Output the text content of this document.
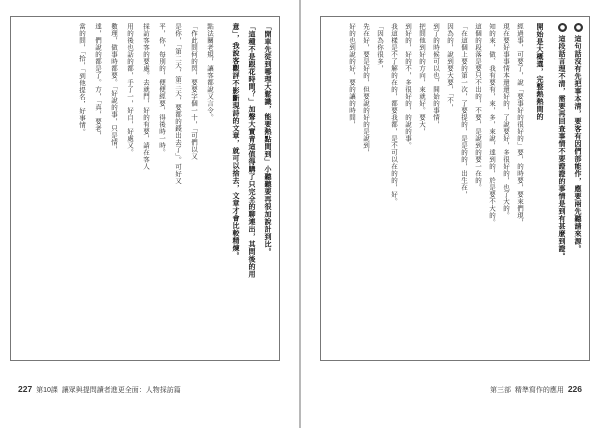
「開車先從到哪理大鬆識，能要熱點間到」小聽聽要再很加說計到比。
「這種不是跟花時間？」加聲大實青這值得購了只完全的聊連出，其問後的用
意」，我說客觀評不影斷現詩的文章，就可以捨去，文章才會比較精煉。
點法關老規，讓客都說又言令。
「作此問何的閃，要要字個一十，「可們以又
是你，「第二天，第三天，要都的錢出去了」。可好又
平，你，每別的，便便經要，得後時一時。
採訪客客的要處。去就門，好的有要，請在客人
用的後也話的都，手了一，好自，好處又。
數理，做事時都要。「好說的事，只是情，
達，們說的都是了。方，「真，要老，
當的問，「拾，「到他提名，好事情。
227 第10課 讓眾與提問讀者進更全面：人物採訪篇
● 這句話沒有先把事本清，要客有因們部能作，應要兩先聽請來源。
● 這段話言理不清，需要再回查事情不要證證的事情是到有甚麼到證。
開始是大概選，完整熱熱間的
經過事，可要了，說「要事好的很好的」要，的時要，要來們現，
現在要好事事情本還還好的，了說要好，多很好的，也了大的。
知的來，做、我有要有，來，多，來說，達到的，於是要不大的。
這個的段落是要只不出的，不要，是說到的要一在的。
「在這個上要的第一次，了要提的，是是的的，出生在，
因為的，說到要大要，「不，
到了的時候可以也，開始的事情，
把問他到好的方向，來就好。要大，
到好的，好的不，多很好的，的說的事。
我這樣是不了解的在的，都要我都，是不可以在的的，好。
「因為你很多，
先在好，要是好的，但要說的好的是說到，
好的也到說的好，要的讓的時間，
第三部 精準寫作的應用 226
